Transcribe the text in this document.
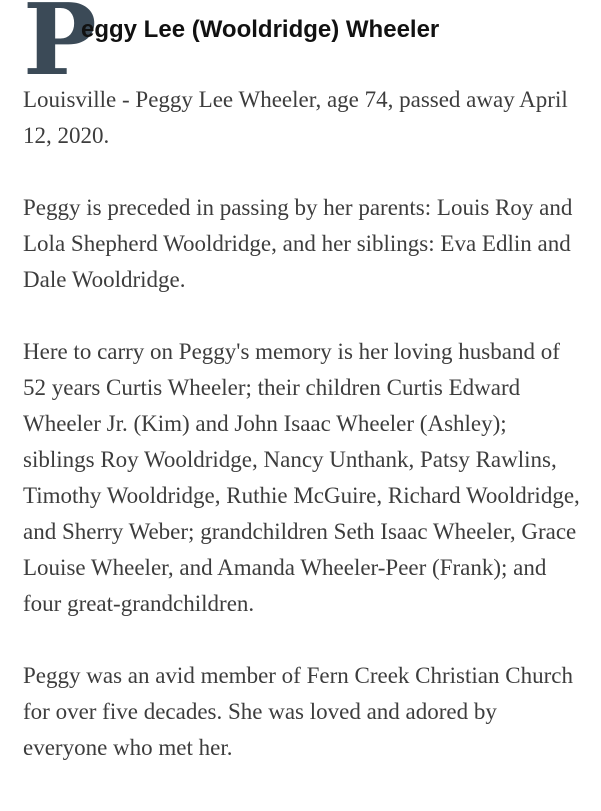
P
eggy Lee (Wooldridge) Wheeler

Louisville - Peggy Lee Wheeler, age 74, passed away April 12, 2020.

Peggy is preceded in passing by her parents: Louis Roy and Lola Shepherd Wooldridge, and her siblings: Eva Edlin and Dale Wooldridge.

Here to carry on Peggy's memory is her loving husband of 52 years Curtis Wheeler; their children Curtis Edward Wheeler Jr. (Kim) and John Isaac Wheeler (Ashley); siblings Roy Wooldridge, Nancy Unthank, Patsy Rawlins, Timothy Wooldridge, Ruthie McGuire, Richard Wooldridge, and Sherry Weber; grandchildren Seth Isaac Wheeler, Grace Louise Wheeler, and Amanda Wheeler-Peer (Frank); and four great-grandchildren.

Peggy was an avid member of Fern Creek Christian Church for over five decades. She was loved and adored by everyone who met her.
